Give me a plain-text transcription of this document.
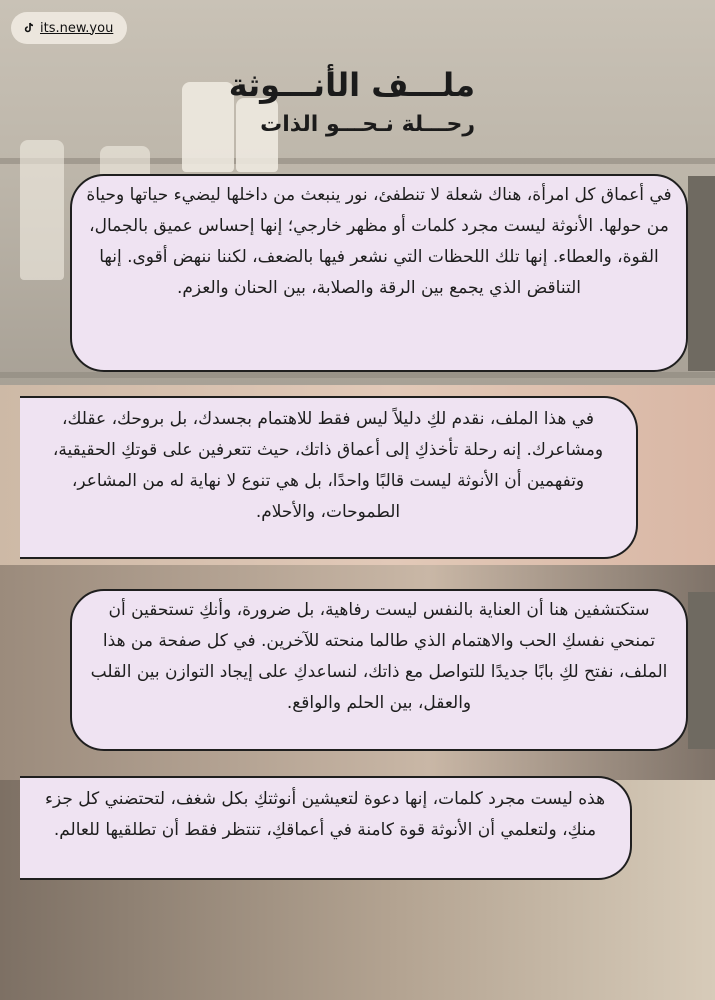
its.new.you
ملـــف الأنـــوثة
رحـــلة نـحـــو الذات
في أعماق كل امرأة، هناك شعلة لا تنطفئ، نور ينبعث من داخلها ليضيء حياتها وحياة من حولها. الأنوثة ليست مجرد كلمات أو مظهر خارجي؛ إنها إحساس عميق بالجمال، القوة، والعطاء. إنها تلك اللحظات التي نشعر فيها بالضعف، لكننا ننهض أقوى. إنها التناقض الذي يجمع بين الرقة والصلابة، بين الحنان والعزم.
في هذا الملف، نقدم لكِ دليلاً ليس فقط للاهتمام بجسدك، بل بروحك، عقلك، ومشاعرك. إنه رحلة تأخذكِ إلى أعماق ذاتك، حيث تتعرفين على قوتكِ الحقيقية، وتفهمين أن الأنوثة ليست قالبًا واحدًا، بل هي تنوع لا نهاية له من المشاعر، الطموحات، والأحلام.
ستكتشفين هنا أن العناية بالنفس ليست رفاهية، بل ضرورة، وأنكِ تستحقين أن تمنحي نفسكِ الحب والاهتمام الذي طالما منحته للآخرين. في كل صفحة من هذا الملف، نفتح لكِ بابًا جديدًا للتواصل مع ذاتك، لنساعدكِ على إيجاد التوازن بين القلب والعقل، بين الحلم والواقع.
هذه ليست مجرد كلمات، إنها دعوة لتعيشين أنوثتكِ بكل شغف، لتحتضني كل جزء منكِ، ولتعلمي أن الأنوثة قوة كامنة في أعماقكِ، تنتظر فقط أن تطلقيها للعالم.
